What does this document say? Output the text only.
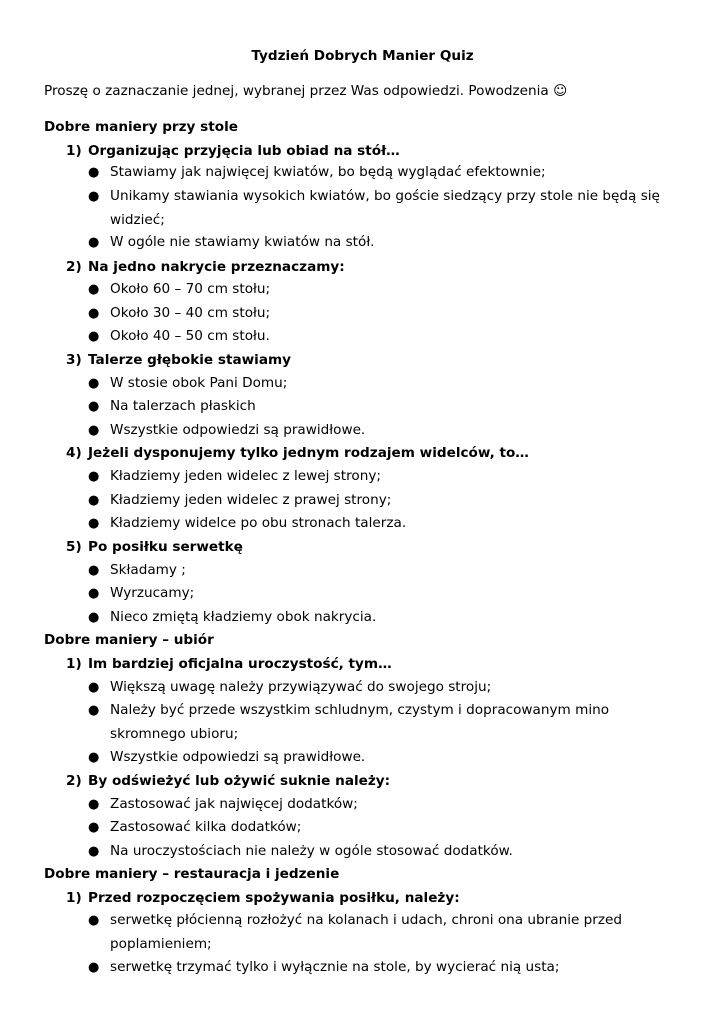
Tydzień Dobrych Manier Quiz
Proszę o zaznaczanie jednej, wybranej przez Was odpowiedzi. Powodzenia ☺
Dobre maniery przy stole
1) Organizując przyjęcia lub obiad na stół…
● Stawiamy jak najwięcej kwiatów, bo będą wyglądać efektownie;
● Unikamy stawiania wysokich kwiatów, bo goście siedzący przy stole nie będą się widzieć;
● W ogóle nie stawiamy kwiatów na stół.
2) Na jedno nakrycie przeznaczamy:
● Około 60 – 70 cm stołu;
● Około 30 – 40 cm stołu;
● Około 40 – 50 cm stołu.
3) Talerze głębokie stawiamy
● W stosie obok Pani Domu;
● Na talerzach płaskich
● Wszystkie odpowiedzi są prawidłowe.
4) Jeżeli dysponujemy tylko jednym rodzajem widelców, to…
● Kładziemy jeden widelec z lewej strony;
● Kładziemy jeden widelec z prawej strony;
● Kładziemy widelce po obu stronach talerza.
5) Po posiłku serwetkę
● Składamy ;
● Wyrzucamy;
● Nieco zmiętą kładziemy obok nakrycia.
Dobre maniery – ubiór
1) Im bardziej oficjalna uroczystość, tym…
● Większą uwagę należy przywiązywać do swojego stroju;
● Należy być przede wszystkim schludnym, czystym i dopracowanym mino skromnego ubioru;
● Wszystkie odpowiedzi są prawidłowe.
2) By odświeżyć lub ożywić suknie należy:
● Zastosować jak najwięcej dodatków;
● Zastosować kilka dodatków;
● Na uroczystościach nie należy w ogóle stosować dodatków.
Dobre maniery – restauracja i jedzenie
1) Przed rozpoczęciem spożywania posiłku, należy:
● serwetkę płócienną rozłożyć na kolanach i udach, chroni ona ubranie przed poplamieniem;
● serwetkę trzymać tylko i wyłącznie na stole, by wycierać nią usta;
